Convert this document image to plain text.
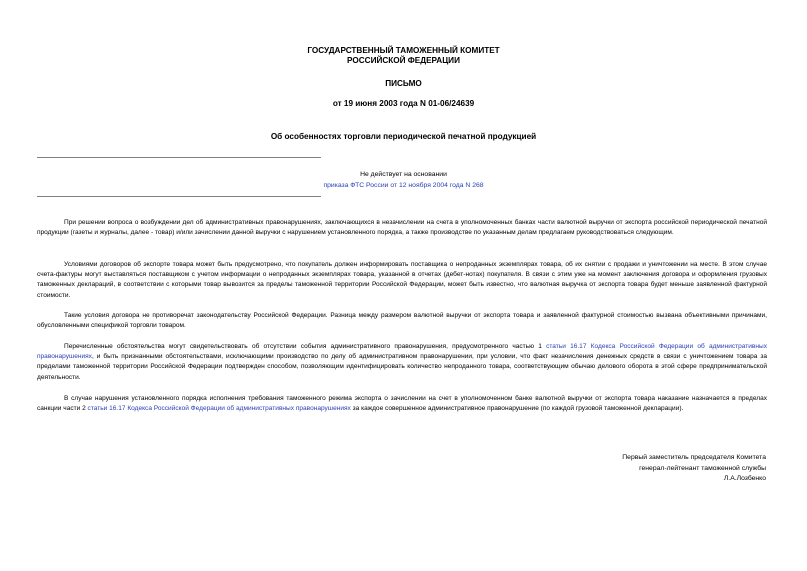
ГОСУДАРСТВЕННЫЙ ТАМОЖЕННЫЙ КОМИТЕТ
РОССИЙСКОЙ ФЕДЕРАЦИИ
ПИСЬМО
от 19 июня 2003 года N 01-06/24639
Об особенностях торговли периодической печатной продукцией
Не действует на основании
приказа ФТС России от 12 ноября 2004 года N 268

При решении вопроса о возбуждении дел об административных правонарушениях, заключающихся в незачислении на счета в уполномоченных банках части валютной выручки от экспорта российской периодической печатной продукции (газеты и журналы, далее - товар) и/или зачислении данной выручки с нарушением установленного порядка, а также производстве по указанным делам предлагаем руководствоваться следующим.

Условиями договоров об экспорте товара может быть предусмотрено, что покупатель должен информировать поставщика о непроданных экземплярах товара, об их снятии с продажи и уничтожении на месте. В этом случае счета-фактуры могут выставляться поставщиком с учетом информации о непроданных экземплярах товара, указанной в отчетах (дебет-нотах) покупателя. В связи с этим уже на момент заключения договора и оформления грузовых таможенных деклараций, в соответствии с которыми товар вывозится за пределы таможенной территории Российской Федерации, может быть известно, что валютная выручка от экспорта товара будет меньше заявленной фактурной стоимости.

Такие условия договора не противоречат законодательству Российской Федерации. Разница между размером валютной выручки от экспорта товара и заявленной фактурной стоимостью вызвана объективными причинами, обусловленными спецификой торговли товаром.

Перечисленные обстоятельства могут свидетельствовать об отсутствии события административного правонарушения, предусмотренного частью 1 статьи 16.17 Кодекса Российской Федерации об административных правонарушениях, и быть признанными обстоятельствами, исключающими производство по делу об административном правонарушении, при условии, что факт незачисления денежных средств в связи с уничтожением товара за пределами таможенной территории Российской Федерации подтвержден способом, позволяющим идентифицировать количество непроданного товара, соответствующим обычаю делового оборота в этой сфере предпринимательской деятельности.

В случае нарушения установленного порядка исполнения требования таможенного режима экспорта о зачислении на счет в уполномоченном банке валютной выручки от экспорта товара наказание назначается в пределах санкции части 2 статьи 16.17 Кодекса Российской Федерации об административных правонарушениях за каждое совершенное административное правонарушение (по каждой грузовой таможенной декларации).

Первый заместитель председателя Комитета
генерал-лейтенант таможенной службы
Л.А.Лозбенко
